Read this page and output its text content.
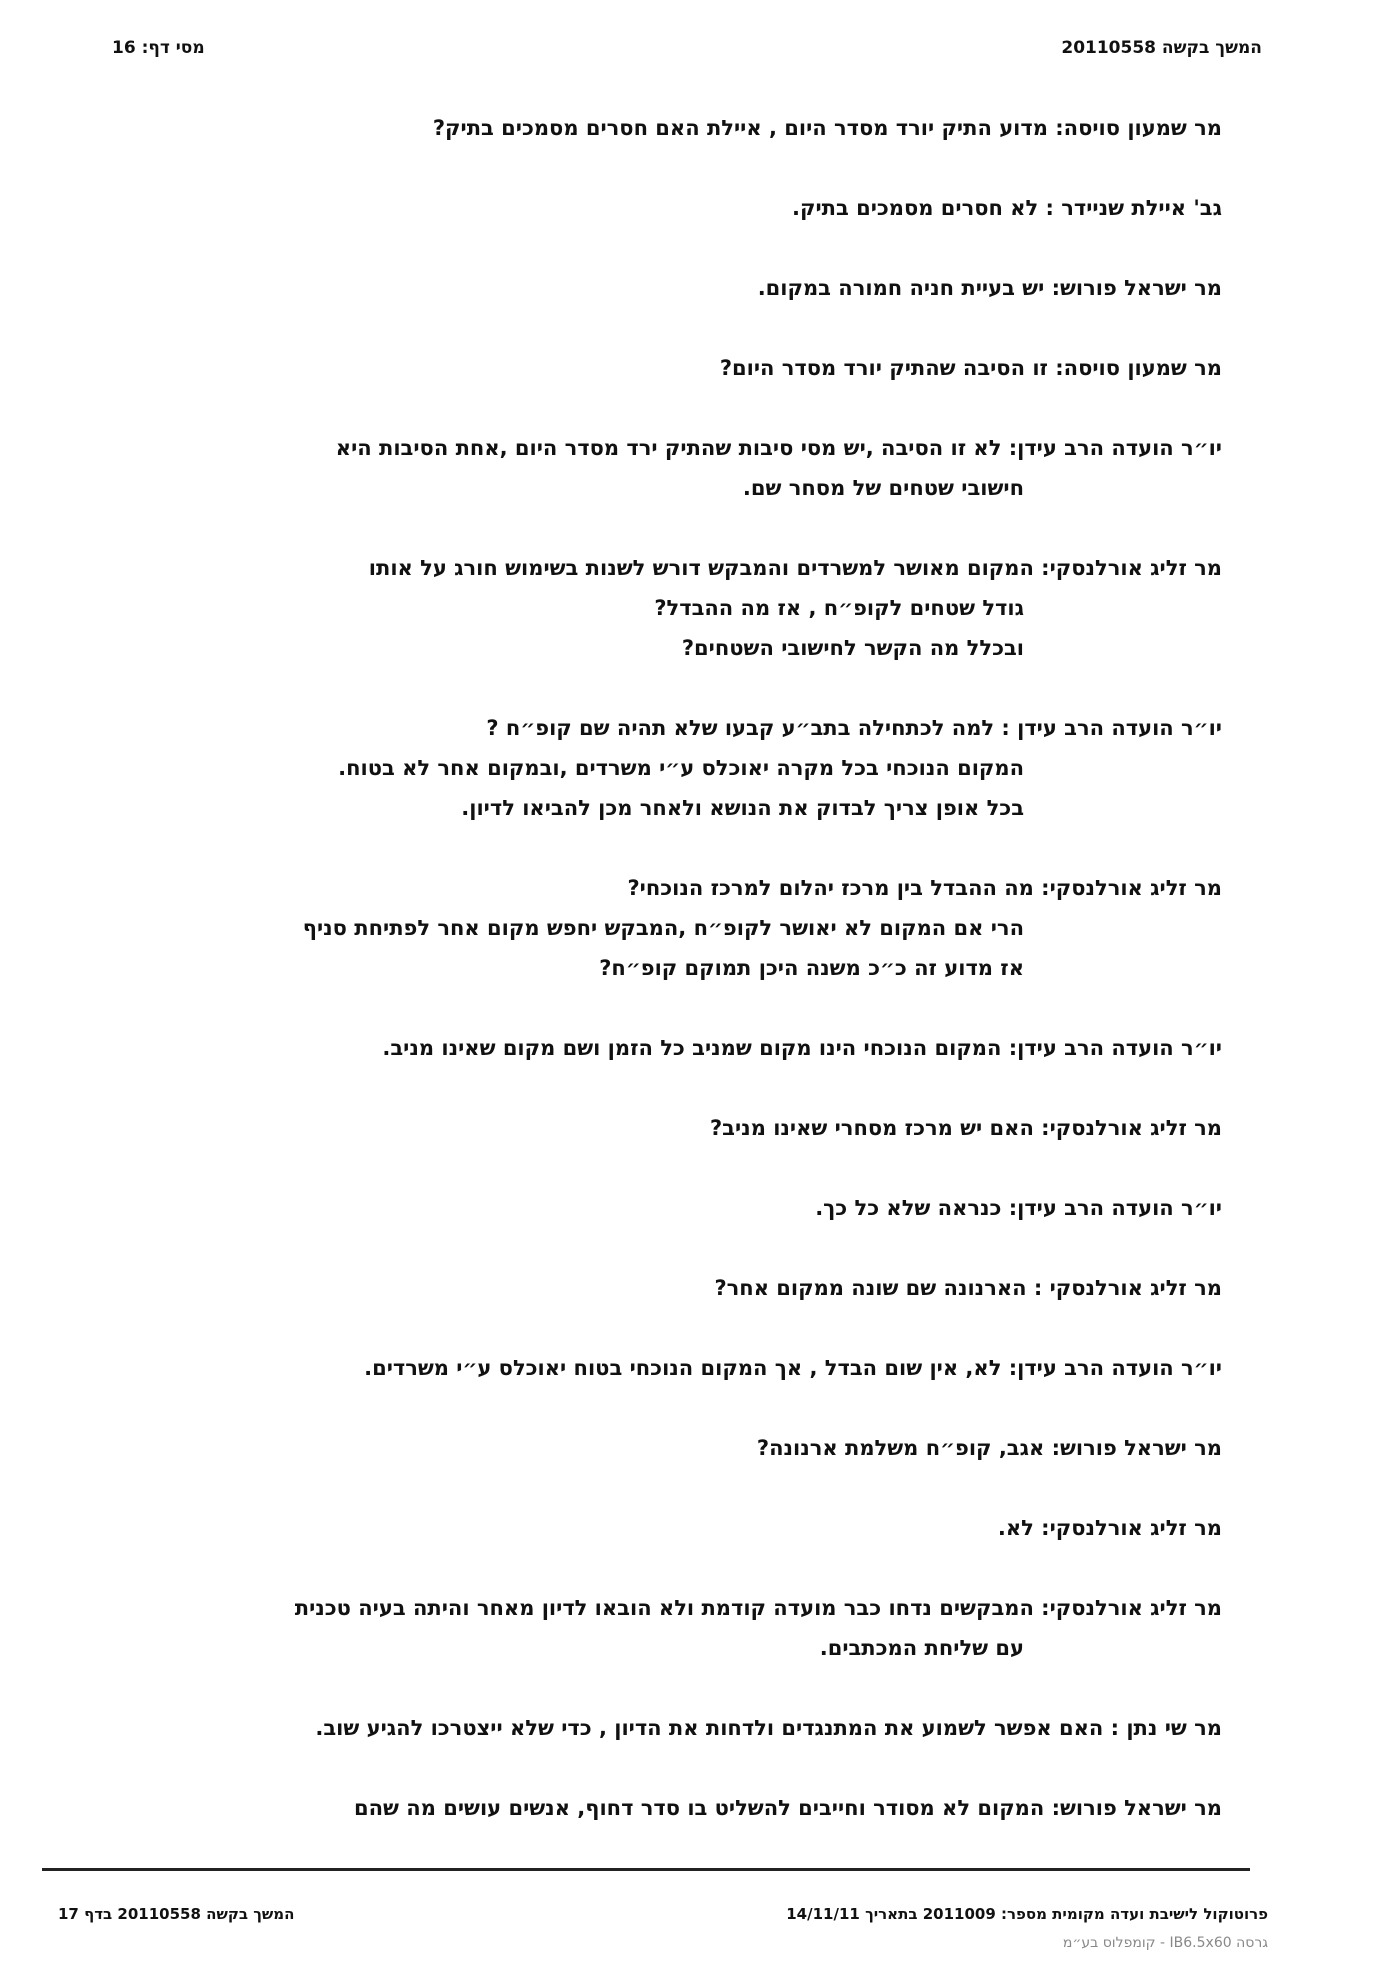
המשך בקשה 20110558
מסי דף: 16
מר שמעון סויסה: מדוע התיק יורד מסדר היום , איילת האם חסרים מסמכים בתיק?
גב' איילת שניידר : לא חסרים מסמכים בתיק.
מר ישראל פורוש: יש בעיית חניה חמורה במקום.
מר שמעון סויסה: זו הסיבה שהתיק יורד מסדר היום?
יו״ר הועדה הרב עידן: לא זו הסיבה ,יש מסי סיבות שהתיק ירד מסדר היום ,אחת הסיבות היא
חישובי שטחים של מסחר שם.
מר זליג אורלנסקי: המקום מאושר למשרדים והמבקש דורש לשנות בשימוש חורג על אותו
גודל שטחים לקופ״ח , אז מה ההבדל?
ובכלל מה הקשר לחישובי השטחים?
יו״ר הועדה הרב עידן : למה לכתחילה בתב״ע קבעו שלא תהיה שם קופ״ח ?
המקום הנוכחי בכל מקרה יאוכלס ע״י משרדים ,ובמקום אחר לא בטוח.
בכל אופן צריך לבדוק את הנושא ולאחר מכן להביאו לדיון.
מר זליג אורלנסקי: מה ההבדל בין מרכז יהלום למרכז הנוכחי?
הרי אם המקום לא יאושר לקופ״ח ,המבקש יחפש מקום אחר לפתיחת סניף
אז מדוע זה כ״כ משנה היכן תמוקם קופ״ח?
יו״ר הועדה הרב עידן: המקום הנוכחי הינו מקום שמניב כל הזמן ושם מקום שאינו מניב.
מר זליג אורלנסקי: האם יש מרכז מסחרי שאינו מניב?
יו״ר הועדה הרב עידן: כנראה שלא כל כך.
מר זליג אורלנסקי : הארנונה שם שונה ממקום אחר?
יו״ר הועדה הרב עידן: לא, אין שום הבדל , אך המקום הנוכחי בטוח יאוכלס ע״י משרדים.
מר ישראל פורוש: אגב, קופ״ח משלמת ארנונה?
מר זליג אורלנסקי: לא.
מר זליג אורלנסקי: המבקשים נדחו כבר מועדה קודמת ולא הובאו לדיון מאחר והיתה בעיה טכנית
עם שליחת המכתבים.
מר שי נתן : האם אפשר לשמוע את המתנגדים ולדחות את הדיון , כדי שלא ייצטרכו להגיע שוב.
מר ישראל פורוש: המקום לא מסודר וחייבים להשליט בו סדר דחוף, אנשים עושים מה שהם
פרוטוקול לישיבת ועדה מקומית מספר: 2011009 בתאריך 14/11/11
המשך בקשה 20110558 בדף 17
גרסה IB6.5x60 - קומפלוס בע״מ
